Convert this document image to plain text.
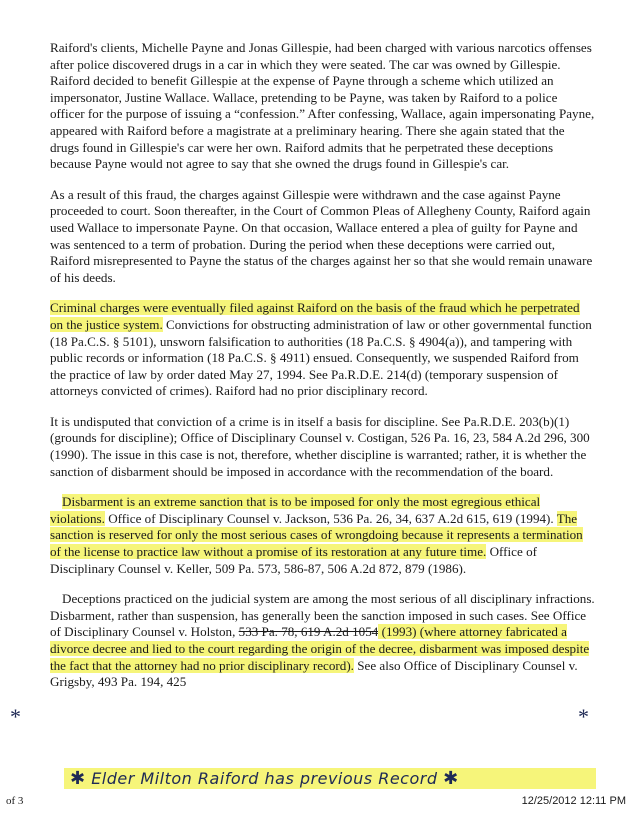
Raiford's clients, Michelle Payne and Jonas Gillespie, had been charged with various narcotics offenses after police discovered drugs in a car in which they were seated. The car was owned by Gillespie. Raiford decided to benefit Gillespie at the expense of Payne through a scheme which utilized an impersonator, Justine Wallace. Wallace, pretending to be Payne, was taken by Raiford to a police officer for the purpose of issuing a “confession.” After confessing, Wallace, again impersonating Payne, appeared with Raiford before a magistrate at a preliminary hearing. There she again stated that the drugs found in Gillespie's car were her own. Raiford admits that he perpetrated these deceptions because Payne would not agree to say that she owned the drugs found in Gillespie's car.

As a result of this fraud, the charges against Gillespie were withdrawn and the case against Payne proceeded to court. Soon thereafter, in the Court of Common Pleas of Allegheny County, Raiford again used Wallace to impersonate Payne. On that occasion, Wallace entered a plea of guilty for Payne and was sentenced to a term of probation. During the period when these deceptions were carried out, Raiford misrepresented to Payne the status of the charges against her so that she would remain unaware of his deeds.

Criminal charges were eventually filed against Raiford on the basis of the fraud which he perpetrated on the justice system. Convictions for obstructing administration of law or other governmental function (18 Pa.C.S. § 5101), unsworn falsification to authorities (18 Pa.C.S. § 4904(a)), and tampering with public records or information (18 Pa.C.S. § 4911) ensued. Consequently, we suspended Raiford from the practice of law by order dated May 27, 1994. See Pa.R.D.E. 214(d) (temporary suspension of attorneys convicted of crimes). Raiford had no prior disciplinary record.

It is undisputed that conviction of a crime is in itself a basis for discipline. See Pa.R.D.E. 203(b)(1) (grounds for discipline); Office of Disciplinary Counsel v. Costigan, 526 Pa. 16, 23, 584 A.2d 296, 300 (1990). The issue in this case is not, therefore, whether discipline is warranted; rather, it is whether the sanction of disbarment should be imposed in accordance with the recommendation of the board.

Disbarment is an extreme sanction that is to be imposed for only the most egregious ethical violations. Office of Disciplinary Counsel v. Jackson, 536 Pa. 26, 34, 637 A.2d 615, 619 (1994). The sanction is reserved for only the most serious cases of wrongdoing because it represents a termination of the license to practice law without a promise of its restoration at any future time. Office of Disciplinary Counsel v. Keller, 509 Pa. 573, 586-87, 506 A.2d 872, 879 (1986).

Deceptions practiced on the judicial system are among the most serious of all disciplinary infractions. Disbarment, rather than suspension, has generally been the sanction imposed in such cases. See Office of Disciplinary Counsel v. Holston, 533 Pa. 78, 619 A.2d 1054 (1993) (where attorney fabricated a divorce decree and lied to the court regarding the origin of the decree, disbarment was imposed despite the fact that the attorney had no prior disciplinary record). See also Office of Disciplinary Counsel v. Grigsby, 493 Pa. 194, 425

*	*
✱ Elder Milton Raiford has previous Record ✱
of 3	12/25/2012 12:11 PM
